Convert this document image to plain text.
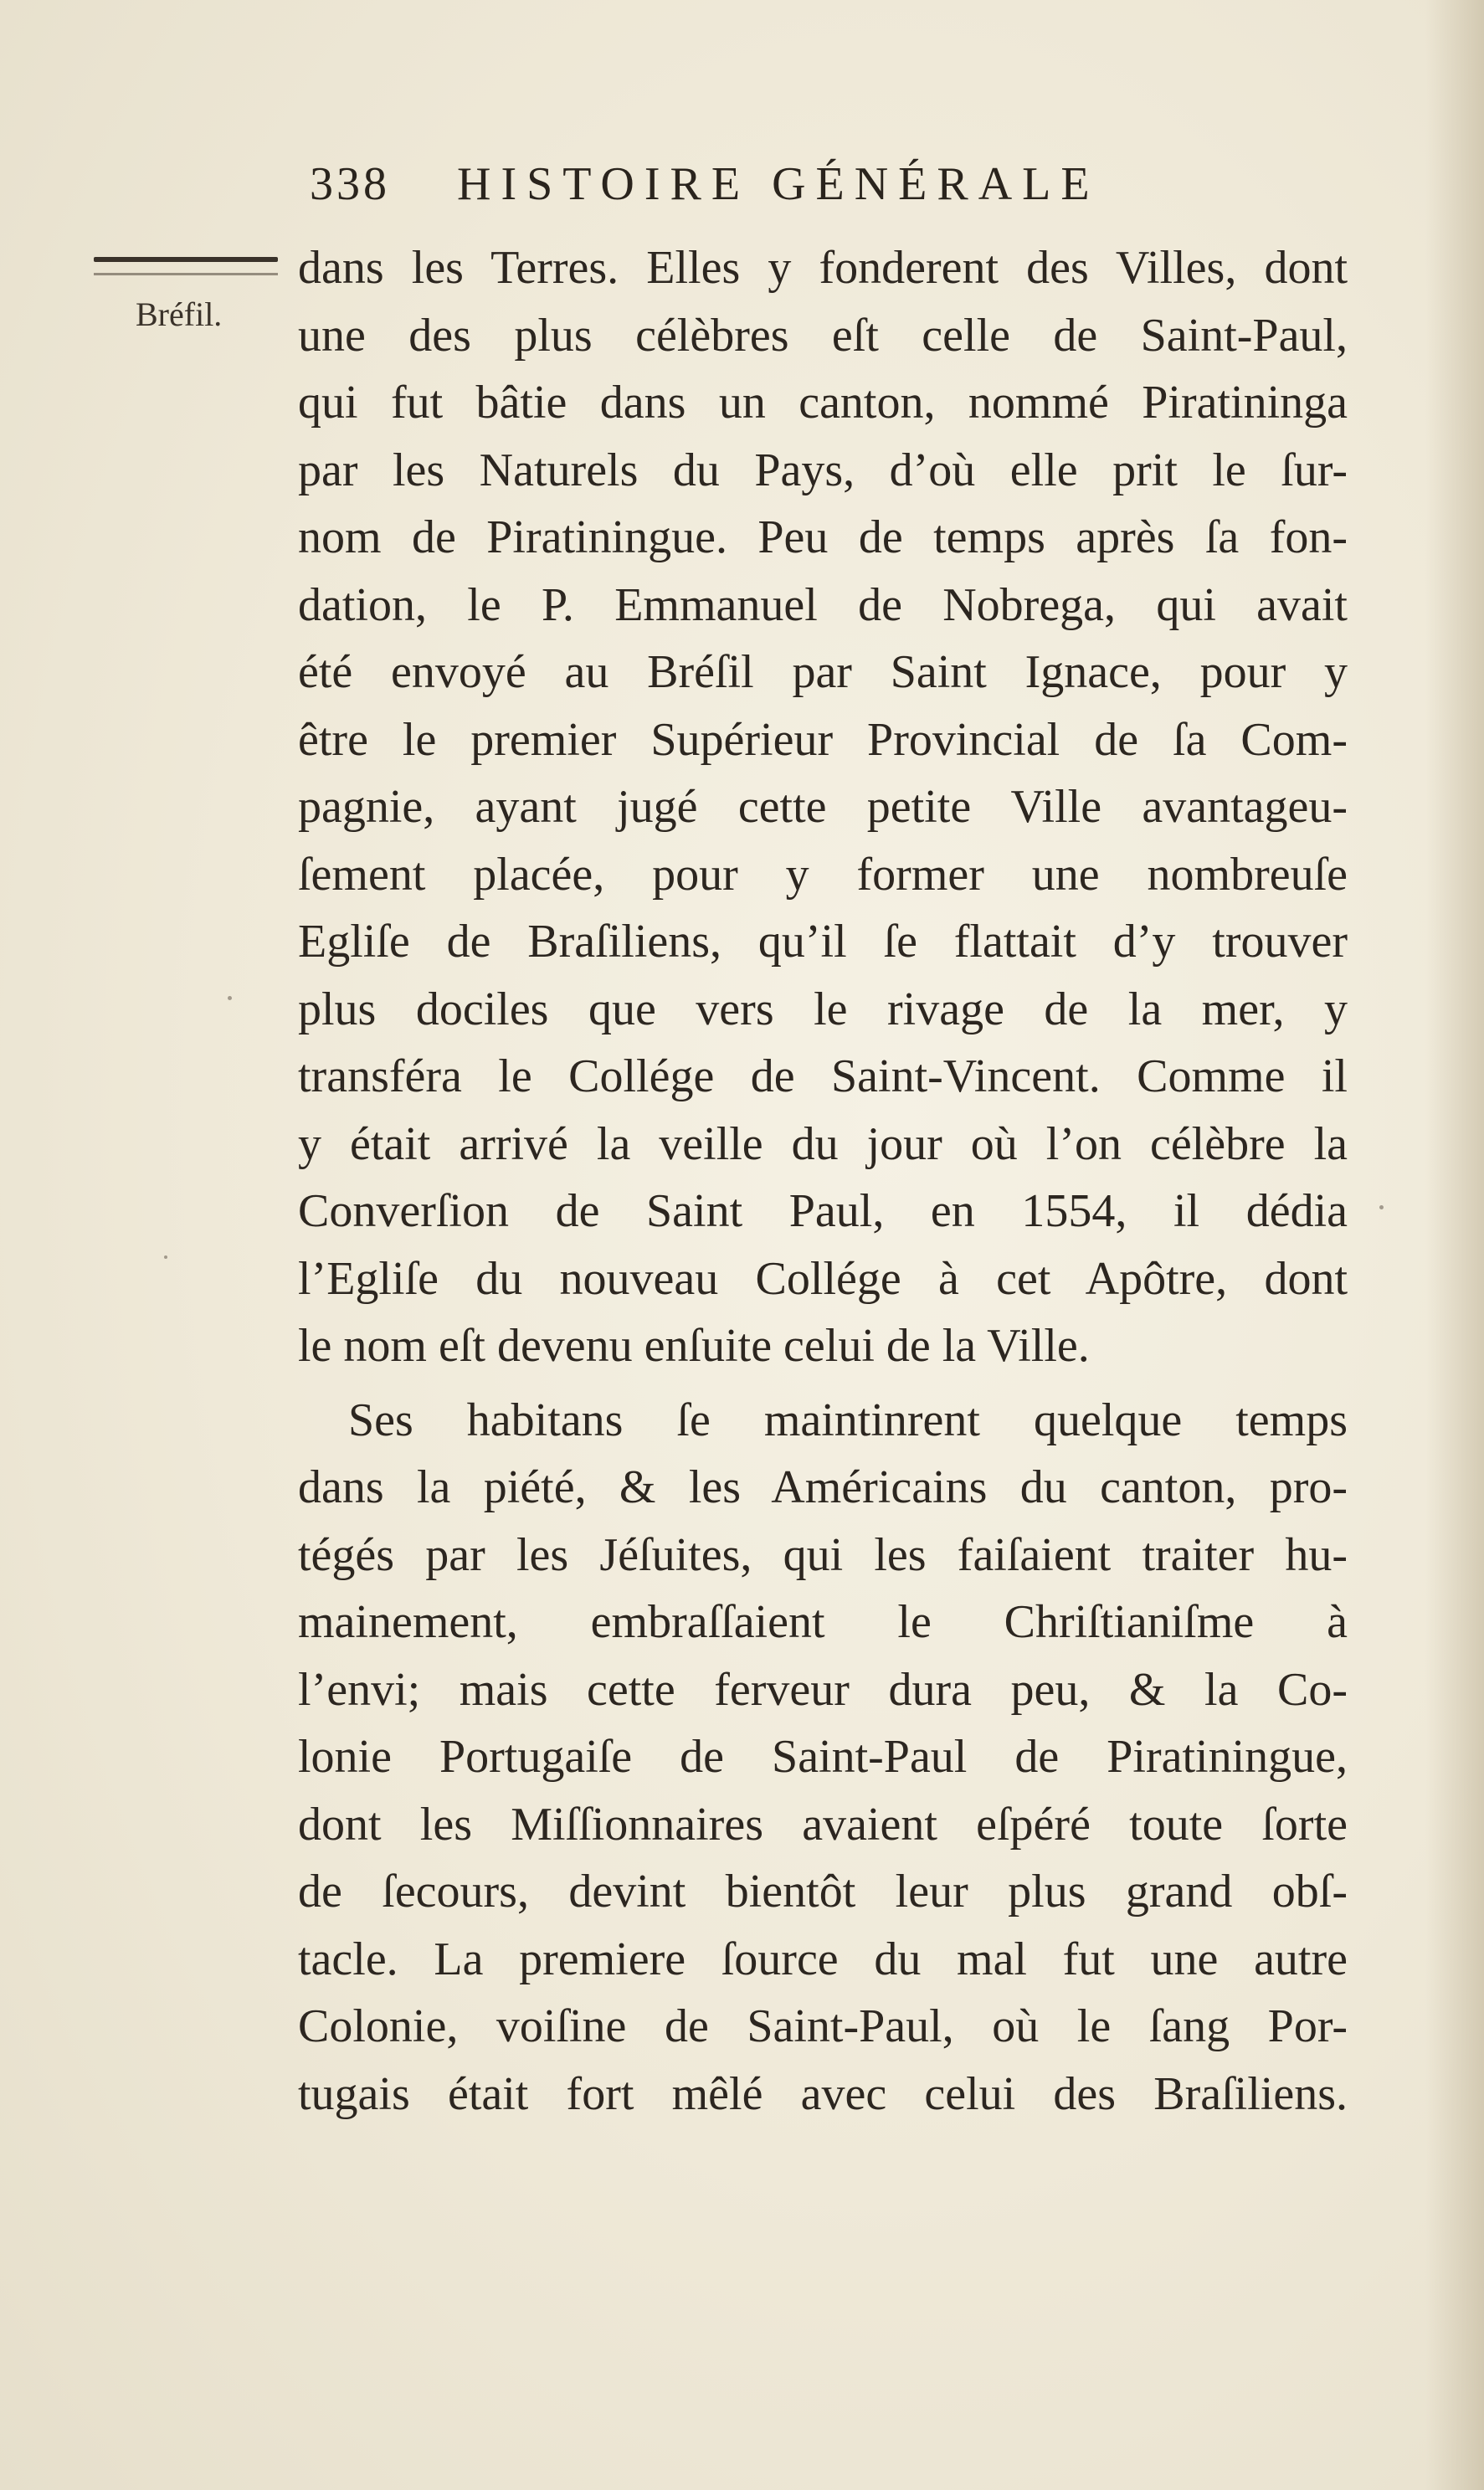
338 HISTOIRE GÉNÉRALE
Bréfil.
dans les Terres. Elles y fonderent des Villes, dont
une des plus célèbres eſt celle de Saint-Paul,
qui fut bâtie dans un canton, nommé Piratininga
par les Naturels du Pays, d’où elle prit le ſur-
nom de Piratiningue. Peu de temps après ſa fon-
dation, le P. Emmanuel de Nobrega, qui avait
été envoyé au Bréſil par Saint Ignace, pour y
être le premier Supérieur Provincial de ſa Com-
pagnie, ayant jugé cette petite Ville avantageu-
ſement placée, pour y former une nombreuſe
Egliſe de Braſiliens, qu’il ſe flattait d’y trouver
plus dociles que vers le rivage de la mer, y
transféra le Collége de Saint-Vincent. Comme il
y était arrivé la veille du jour où l’on célèbre la
Converſion de Saint Paul, en 1554, il dédia
l’Egliſe du nouveau Collége à cet Apôtre, dont
le nom eſt devenu enſuite celui de la Ville.
Ses habitans ſe maintinrent quelque temps
dans la piété, & les Américains du canton, pro-
tégés par les Jéſuites, qui les faiſaient traiter hu-
mainement, embraſſaient le Chriſtianiſme à
l’envi; mais cette ferveur dura peu, & la Co-
lonie Portugaiſe de Saint-Paul de Piratiningue,
dont les Miſſionnaires avaient eſpéré toute ſorte
de ſecours, devint bientôt leur plus grand obſ-
tacle. La premiere ſource du mal fut une autre
Colonie, voiſine de Saint-Paul, où le ſang Por-
tugais était fort mêlé avec celui des Braſiliens.
